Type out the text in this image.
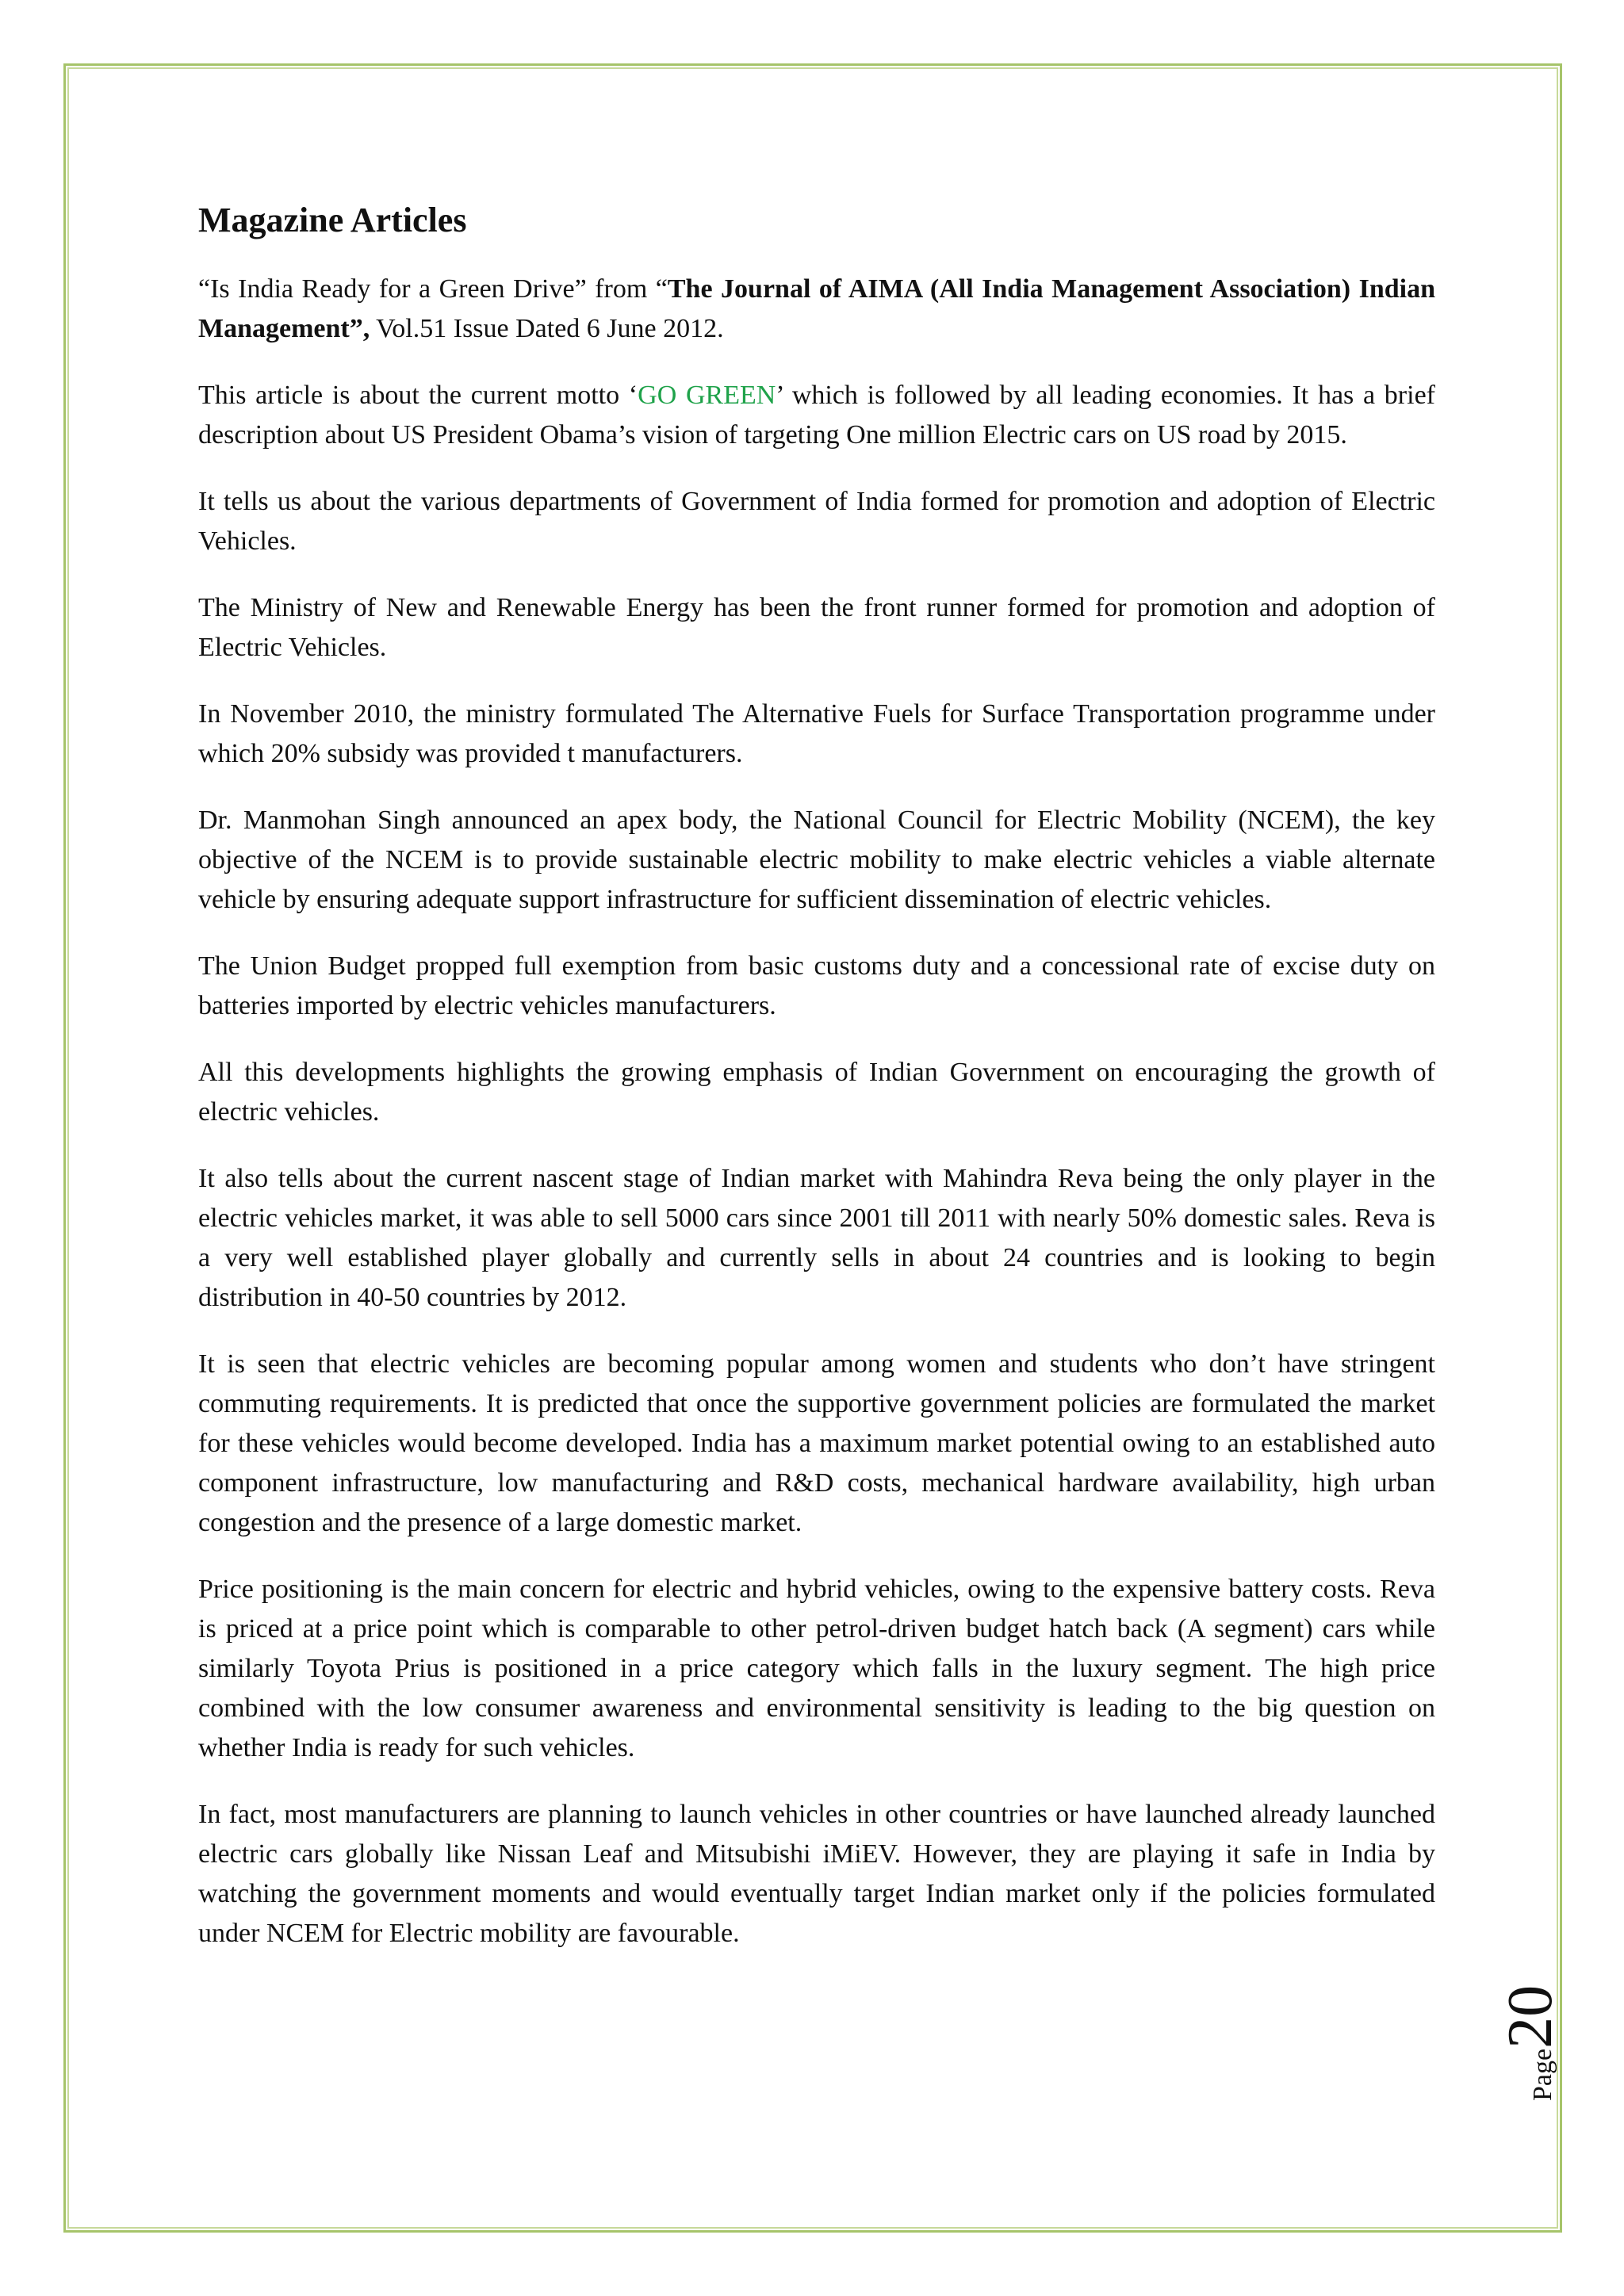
Magazine Articles

“Is India Ready for a Green Drive” from “The Journal of AIMA (All India Management Association) Indian Management”, Vol.51 Issue Dated 6 June 2012.

This article is about the current motto ‘GO GREEN’ which is followed by all leading economies. It has a brief description about US President Obama’s vision of targeting One million Electric cars on US road by 2015.

It tells us about the various departments of Government of India formed for promotion and adoption of Electric Vehicles.

The Ministry of New and Renewable Energy has been the front runner formed for promotion and adoption of Electric Vehicles.

In November 2010, the ministry formulated The Alternative Fuels for Surface Transportation programme under which 20% subsidy was provided t manufacturers.

Dr. Manmohan Singh announced an apex body, the National Council for Electric Mobility (NCEM), the key objective of the NCEM is to provide sustainable electric mobility to make electric vehicles a viable alternate vehicle by ensuring adequate support infrastructure for sufficient dissemination of electric vehicles.

The Union Budget propped full exemption from basic customs duty and a concessional rate of excise duty on batteries imported by electric vehicles manufacturers.

All this developments highlights the growing emphasis of Indian Government on encouraging the growth of electric vehicles.

It also tells about the current nascent stage of Indian market with Mahindra Reva being the only player in the electric vehicles market, it was able to sell 5000 cars since 2001 till 2011 with nearly 50% domestic sales. Reva is a very well established player globally and currently sells in about 24 countries and is looking to begin distribution in 40-50 countries by 2012.

It is seen that electric vehicles are becoming popular among women and students who don’t have stringent commuting requirements. It is predicted that once the supportive government policies are formulated the market for these vehicles would become developed. India has a maximum market potential owing to an established auto component infrastructure, low manufacturing and R&D costs, mechanical hardware availability, high urban congestion and the presence of a large domestic market.

Price positioning is the main concern for electric and hybrid vehicles, owing to the expensive battery costs. Reva is priced at a price point which is comparable to other petrol-driven budget hatch back (A segment) cars while similarly Toyota Prius is positioned in a price category which falls in the luxury segment. The high price combined with the low consumer awareness and environmental sensitivity is leading to the big question on whether India is ready for such vehicles.

In fact, most manufacturers are planning to launch vehicles in other countries or have launched already launched electric cars globally like Nissan Leaf and Mitsubishi iMiEV. However, they are playing it safe in India by watching the government moments and would eventually target Indian market only if the policies formulated under NCEM for Electric mobility are favourable.

Page20
